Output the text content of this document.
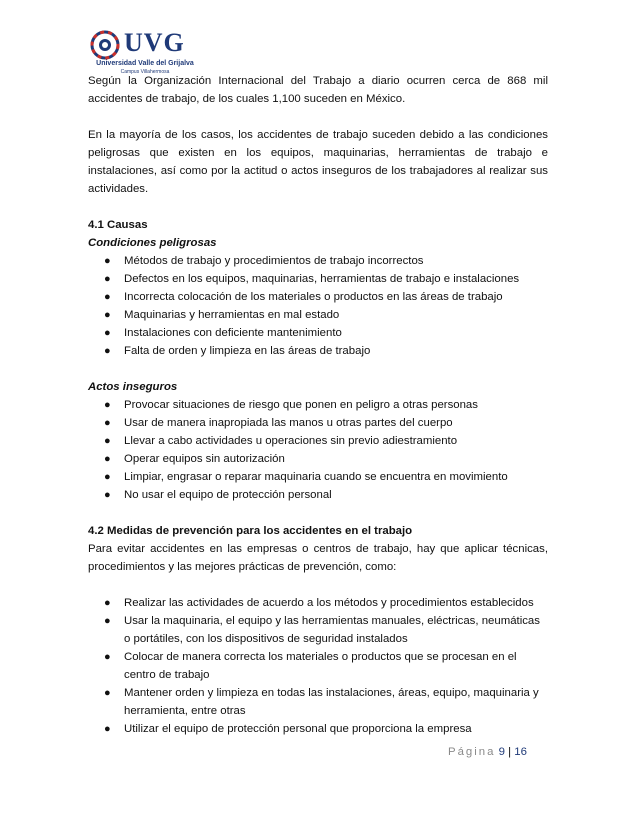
UVG
Universidad Valle del Grijalva
Campus Villahermosa

Según la Organización Internacional del Trabajo a diario ocurren cerca de 868 mil accidentes de trabajo, de los cuales 1,100 suceden en México.

En la mayoría de los casos, los accidentes de trabajo suceden debido a las condiciones peligrosas que existen en los equipos, maquinarias, herramientas de trabajo e instalaciones, así como por la actitud o actos inseguros de los trabajadores al realizar sus actividades.

4.1 Causas

Condiciones peligrosas

● Métodos de trabajo y procedimientos de trabajo incorrectos
● Defectos en los equipos, maquinarias, herramientas de trabajo e instalaciones
● Incorrecta colocación de los materiales o productos en las áreas de trabajo
● Maquinarias y herramientas en mal estado
● Instalaciones con deficiente mantenimiento
● Falta de orden y limpieza en las áreas de trabajo

Actos inseguros

● Provocar situaciones de riesgo que ponen en peligro a otras personas
● Usar de manera inapropiada las manos u otras partes del cuerpo
● Llevar a cabo actividades u operaciones sin previo adiestramiento
● Operar equipos sin autorización
● Limpiar, engrasar o reparar maquinaria cuando se encuentra en movimiento
● No usar el equipo de protección personal

4.2 Medidas de prevención para los accidentes en el trabajo

Para evitar accidentes en las empresas o centros de trabajo, hay que aplicar técnicas, procedimientos y las mejores prácticas de prevención, como:

● Realizar las actividades de acuerdo a los métodos y procedimientos establecidos
● Usar la maquinaria, el equipo y las herramientas manuales, eléctricas, neumáticas o portátiles, con los dispositivos de seguridad instalados
● Colocar de manera correcta los materiales o productos que se procesan en el centro de trabajo
● Mantener orden y limpieza en todas las instalaciones, áreas, equipo, maquinaria y herramienta, entre otras
● Utilizar el equipo de protección personal que proporciona la empresa
Página 9 | 16
